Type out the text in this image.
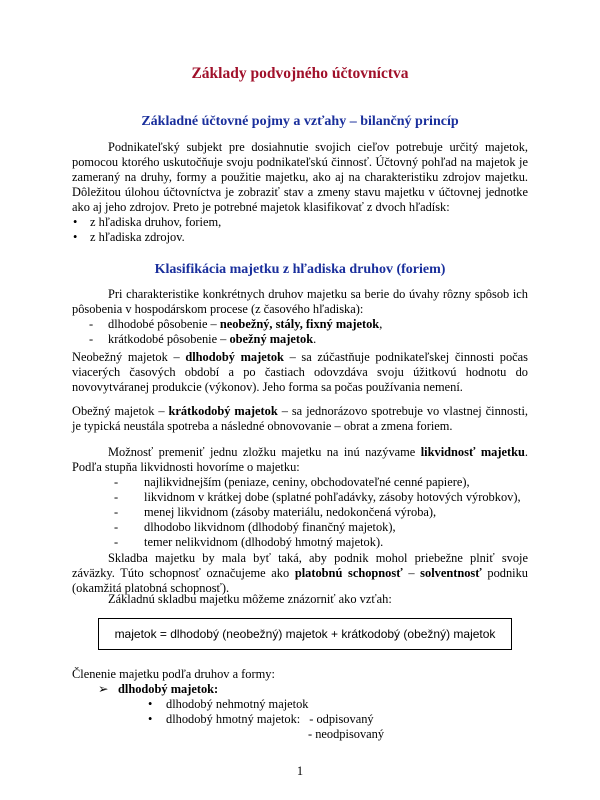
Základy podvojného účtovníctva
Základné účtovné pojmy a vzťahy – bilančný princíp

Podnikateľský subjekt pre dosiahnutie svojich cieľov potrebuje určitý majetok, pomocou ktorého uskutočňuje svoju podnikateľskú činnosť. Účtovný pohľad na majetok je zameraný na druhy, formy a použitie majetku, ako aj na charakteristiku zdrojov majetku. Dôležitou úlohou účtovníctva je zobraziť stav a zmeny stavu majetku v účtovnej jednotke ako aj jeho zdrojov. Preto je potrebné majetok klasifikovať z dvoch hľadísk:

• z hľadiska druhov, foriem,
• z hľadiska zdrojov.
Klasifikácia majetku z hľadiska druhov (foriem)

Pri charakteristike konkrétnych druhov majetku sa berie do úvahy rôzny spôsob ich pôsobenia v hospodárskom procese (z časového hľadiska):

- dlhodobé pôsobenie – neobežný, stály, fixný majetok,
- krátkodobé pôsobenie – obežný majetok.

Neobežný majetok – dlhodobý majetok – sa zúčastňuje podnikateľskej činnosti počas viacerých časových období a po častiach odovzdáva svoju úžitkovú hodnotu do novovytváranej produkcie (výkonov). Jeho forma sa počas používania nemení.

Obežný majetok – krátkodobý majetok – sa jednorázovo spotrebuje vo vlastnej činnosti, je typická neustála spotreba a následné obnovovanie – obrat a zmena foriem.

Možnosť premeniť jednu zložku majetku na inú nazývame likvidnosť majetku. Podľa stupňa likvidnosti hovoríme o majetku:

- najlikvidnejším (peniaze, ceniny, obchodovateľné cenné papiere),
- likvidnom v krátkej dobe (splatné pohľadávky, zásoby hotových výrobkov),
- menej likvidnom (zásoby materiálu, nedokončená výroba),
- dlhodobo likvidnom (dlhodobý finančný majetok),
- temer nelikvidnom (dlhodobý hmotný majetok).

Skladba majetku by mala byť taká, aby podnik mohol priebežne plniť svoje záväzky. Túto schopnosť označujeme ako platobnú schopnosť – solventnosť podniku (okamžitá platobná schopnosť).

Základnú skladbu majetku môžeme znázorniť ako vzťah:

majetok = dlhodobý (neobežný) majetok + krátkodobý (obežný) majetok

Členenie majetku podľa druhov a formy:

➢ dlhodobý majetok:
• dlhodobý nehmotný majetok
• dlhodobý hmotný majetok: - odpisovaný
- neodpisovaný
1
